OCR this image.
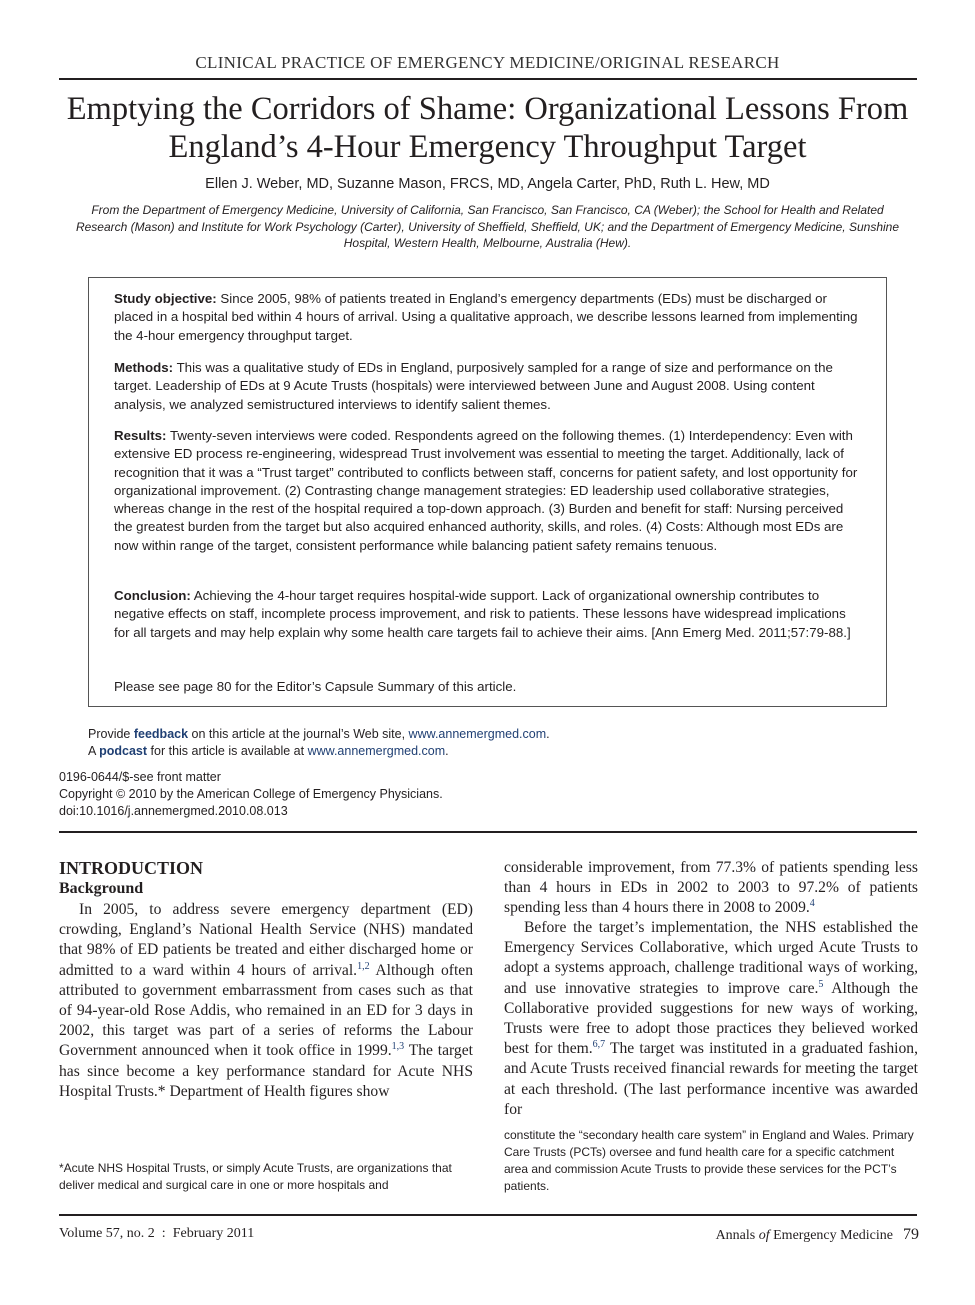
CLINICAL PRACTICE OF EMERGENCY MEDICINE/ORIGINAL RESEARCH
Emptying the Corridors of Shame: Organizational Lessons From
England’s 4-Hour Emergency Throughput Target
Ellen J. Weber, MD, Suzanne Mason, FRCS, MD, Angela Carter, PhD, Ruth L. Hew, MD
From the Department of Emergency Medicine, University of California, San Francisco, San Francisco, CA (Weber); the School for Health and Related Research (Mason) and Institute for Work Psychology (Carter), University of Sheffield, Sheffield, UK; and the Department of Emergency Medicine, Sunshine Hospital, Western Health, Melbourne, Australia (Hew).

Study objective: Since 2005, 98% of patients treated in England’s emergency departments (EDs) must be discharged or placed in a hospital bed within 4 hours of arrival. Using a qualitative approach, we describe lessons learned from implementing the 4-hour emergency throughput target.

Methods: This was a qualitative study of EDs in England, purposively sampled for a range of size and performance on the target. Leadership of EDs at 9 Acute Trusts (hospitals) were interviewed between June and August 2008. Using content analysis, we analyzed semistructured interviews to identify salient themes.

Results: Twenty-seven interviews were coded. Respondents agreed on the following themes. (1) Interdependency: Even with extensive ED process re-engineering, widespread Trust involvement was essential to meeting the target. Additionally, lack of recognition that it was a “Trust target” contributed to conflicts between staff, concerns for patient safety, and lost opportunity for organizational improvement. (2) Contrasting change management strategies: ED leadership used collaborative strategies, whereas change in the rest of the hospital required a top-down approach. (3) Burden and benefit for staff: Nursing perceived the greatest burden from the target but also acquired enhanced authority, skills, and roles. (4) Costs: Although most EDs are now within range of the target, consistent performance while balancing patient safety remains tenuous.

Conclusion: Achieving the 4-hour target requires hospital-wide support. Lack of organizational ownership contributes to negative effects on staff, incomplete process improvement, and risk to patients. These lessons have widespread implications for all targets and may help explain why some health care targets fail to achieve their aims. [Ann Emerg Med. 2011;57:79-88.]

Please see page 80 for the Editor’s Capsule Summary of this article.

Provide feedback on this article at the journal’s Web site, www.annemergmed.com.
A podcast for this article is available at www.annemergmed.com.
0196-0644/$-see front matter
Copyright © 2010 by the American College of Emergency Physicians.
doi:10.1016/j.annemergmed.2010.08.013
INTRODUCTION
Background

In 2005, to address severe emergency department (ED) crowding, England’s National Health Service (NHS) mandated that 98% of ED patients be treated and either discharged home or admitted to a ward within 4 hours of arrival.$^{1,2}$ Although often attributed to government embarrassment from cases such as that of 94-year-old Rose Addis, who remained in an ED for 3 days in 2002, this target was part of a series of reforms the Labour Government announced when it took office in 1999.$^{1,3}$ The target has since become a key performance standard for Acute NHS Hospital Trusts.* Department of Health figures show

considerable improvement, from 77.3% of patients spending less than 4 hours in EDs in 2002 to 2003 to 97.2% of patients spending less than 4 hours there in 2008 to 2009.$^4$

Before the target’s implementation, the NHS established the Emergency Services Collaborative, which urged Acute Trusts to adopt a systems approach, challenge traditional ways of working, and use innovative strategies to improve care.$^5$ Although the Collaborative provided suggestions for new ways of working, Trusts were free to adopt those practices they believed worked best for them.$^{6,7}$ The target was instituted in a graduated fashion, and Acute Trusts received financial rewards for meeting the target at each threshold. (The last performance incentive was awarded for

*Acute NHS Hospital Trusts, or simply Acute Trusts, are organizations that deliver medical and surgical care in one or more hospitals and

constitute the “secondary health care system” in England and Wales. Primary Care Trusts (PCTs) oversee and fund health care for a specific catchment area and commission Acute Trusts to provide these services for the PCT’s patients.

Volume 57, no. 2  :  February 2011	Annals of Emergency Medicine 79
